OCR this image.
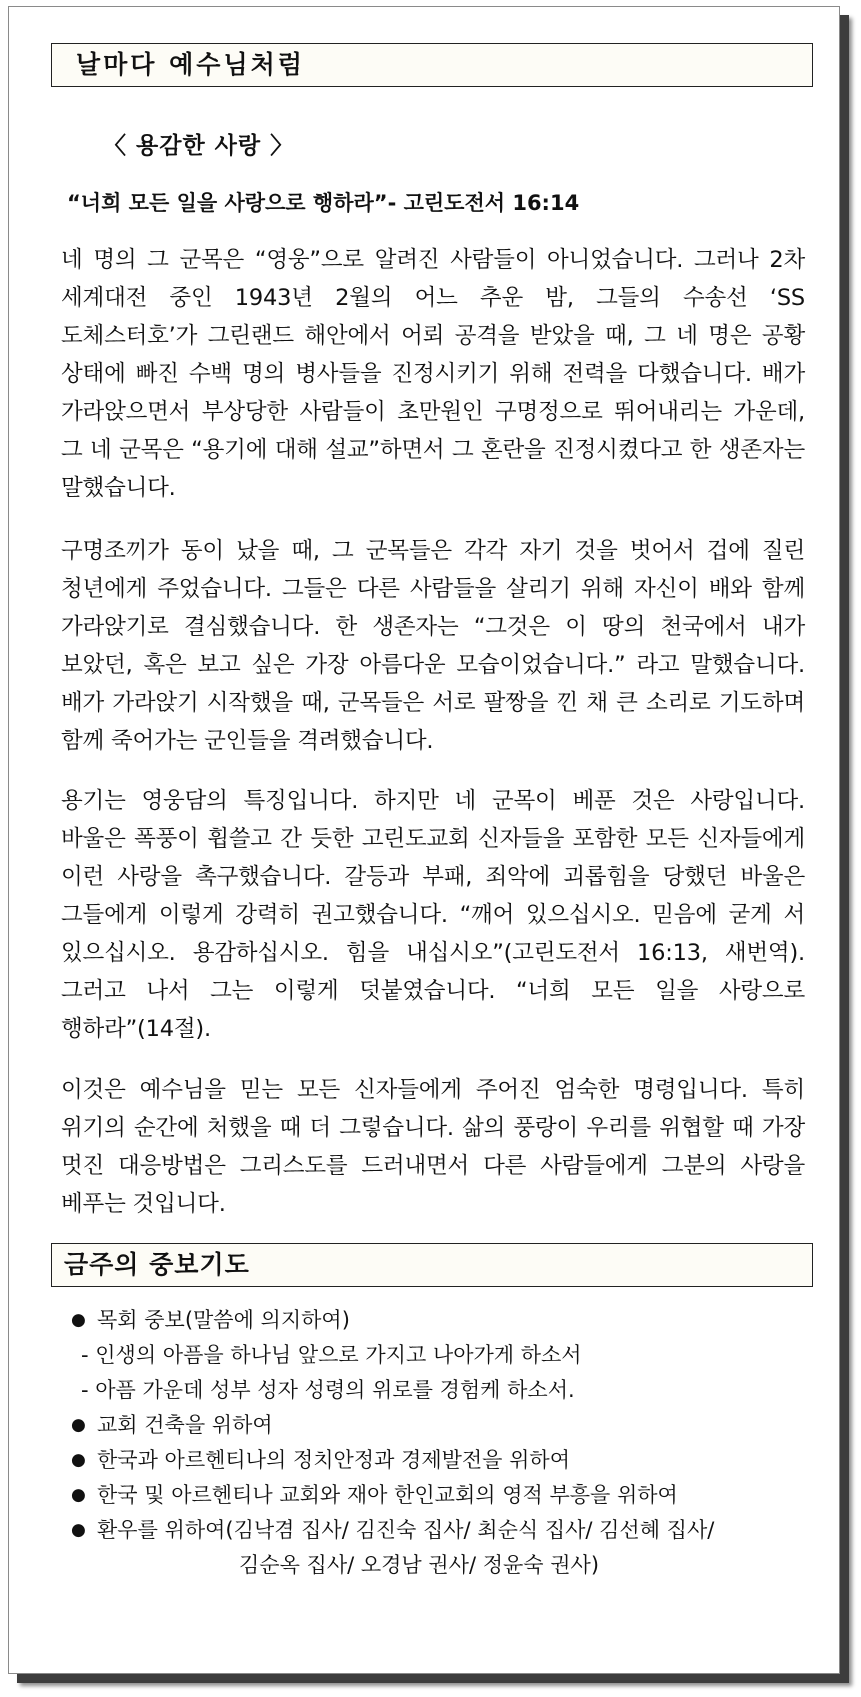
날마다 예수님처럼
〈 용감한 사랑 〉
“너희 모든 일을 사랑으로 행하라”- 고린도전서 16:14
네 명의 그 군목은 “영웅”으로 알려진 사람들이 아니었습니다. 그러나 2차 세계대전 중인 1943년 2월의 어느 추운 밤, 그들의 수송선 ‘SS 도체스터호’가 그린랜드 해안에서 어뢰 공격을 받았을 때, 그 네 명은 공황 상태에 빠진 수백 명의 병사들을 진정시키기 위해 전력을 다했습니다. 배가 가라앉으면서 부상당한 사람들이 초만원인 구명정으로 뛰어내리는 가운데, 그 네 군목은 “용기에 대해 설교”하면서 그 혼란을 진정시켰다고 한 생존자는 말했습니다.
구명조끼가 동이 났을 때, 그 군목들은 각각 자기 것을 벗어서 겁에 질린 청년에게 주었습니다. 그들은 다른 사람들을 살리기 위해 자신이 배와 함께 가라앉기로 결심했습니다. 한 생존자는 “그것은 이 땅의 천국에서 내가 보았던, 혹은 보고 싶은 가장 아름다운 모습이었습니다.” 라고 말했습니다. 배가 가라앉기 시작했을 때, 군목들은 서로 팔짱을 낀 채 큰 소리로 기도하며 함께 죽어가는 군인들을 격려했습니다.
용기는 영웅담의 특징입니다. 하지만 네 군목이 베푼 것은 사랑입니다. 바울은 폭풍이 휩쓸고 간 듯한 고린도교회 신자들을 포함한 모든 신자들에게 이런 사랑을 촉구했습니다. 갈등과 부패, 죄악에 괴롭힘을 당했던 바울은 그들에게 이렇게 강력히 권고했습니다. “깨어 있으십시오. 믿음에 굳게 서 있으십시오. 용감하십시오. 힘을 내십시오”(고린도전서 16:13, 새번역). 그러고 나서 그는 이렇게 덧붙였습니다. “너희 모든 일을 사랑으로 행하라”(14절).
이것은 예수님을 믿는 모든 신자들에게 주어진 엄숙한 명령입니다. 특히 위기의 순간에 처했을 때 더 그렇습니다. 삶의 풍랑이 우리를 위협할 때 가장 멋진 대응방법은 그리스도를 드러내면서 다른 사람들에게 그분의 사랑을 베푸는 것입니다.
금주의 중보기도
● 목회 중보(말씀에 의지하여)
- 인생의 아픔을 하나님 앞으로 가지고 나아가게 하소서
- 아픔 가운데 성부 성자 성령의 위로를 경험케 하소서.
● 교회 건축을 위하여
● 한국과 아르헨티나의 정치안정과 경제발전을 위하여
● 한국 및 아르헨티나 교회와 재아 한인교회의 영적 부흥을 위하여
● 환우를 위하여(김낙겸 집사/ 김진숙 집사/ 최순식 집사/ 김선혜 집사/
김순옥 집사/ 오경남 권사/ 정윤숙 권사)
